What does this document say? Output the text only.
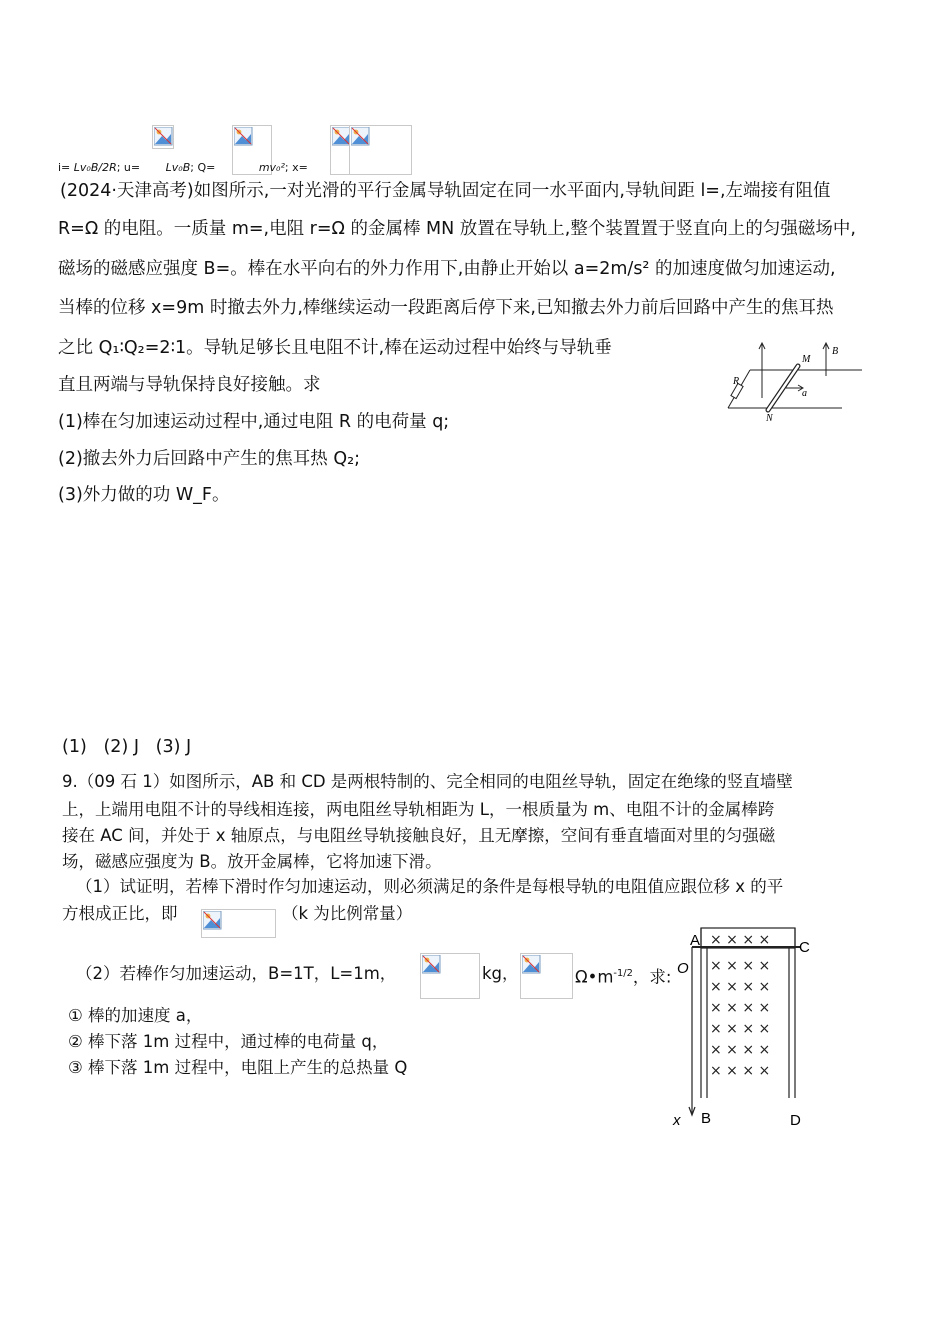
i= Lv₀B/2R; u= Lv₀B; Q=	mv₀²; x=
(2024·天津高考)如图所示,一对光滑的平行金属导轨固定在同一水平面内,导轨间距 l=,左端接有阻值
R=Ω 的电阻。一质量 m=,电阻 r=Ω 的金属棒 MN 放置在导轨上,整个装置置于竖直向上的匀强磁场中,
磁场的磁感应强度 B=。棒在水平向右的外力作用下,由静止开始以 a=2m/s² 的加速度做匀加速运动,
当棒的位移 x=9m 时撤去外力,棒继续运动一段距离后停下来,已知撤去外力前后回路中产生的焦耳热
之比 Q₁∶Q₂=2∶1。导轨足够长且电阻不计,棒在运动过程中始终与导轨垂
直且两端与导轨保持良好接触。求
(1)棒在匀加速运动过程中,通过电阻 R 的电荷量 q;
(2)撤去外力后回路中产生的焦耳热 Q₂;
(3)外力做的功 W_F。
M
N
R
a
B
(1)   (2) J   (3) J
9.（09 石 1）如图所示，AB 和 CD 是两根特制的、完全相同的电阻丝导轨，固定在绝缘的竖直墙壁
上，上端用电阻不计的导线相连接，两电阻丝导轨相距为 L，一根质量为 m、电阻不计的金属棒跨
接在 AC 间，并处于 x 轴原点，与电阻丝导轨接触良好，且无摩擦，空间有垂直墙面对里的匀强磁
场，磁感应强度为 B。放开金属棒，它将加速下滑。
（1）试证明，若棒下滑时作匀加速运动，则必须满足的条件是每根导轨的电阻值应跟位移 x 的平
方根成正比，即	（k 为比例常量）
（2）若棒作匀加速运动，B=1T，L=1m，	kg，	$\Omega•m^{-1/2}$，求:
① 棒的加速度 a，
② 棒下落 1m 过程中，通过棒的电荷量 q，
③ 棒下落 1m 过程中，电阻上产生的总热量 Q
A	C
O
x B	D
× × × ×
× × × ×
× × × ×
× × × ×
× × × ×
× × × ×
× × × ×
